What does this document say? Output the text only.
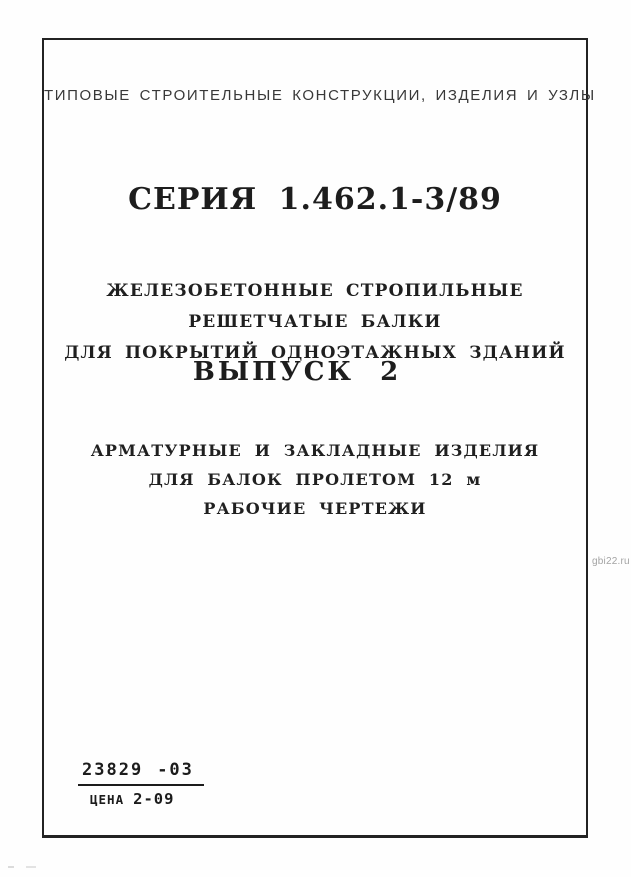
ТИПОВЫЕ СТРОИТЕЛЬНЫЕ КОНСТРУКЦИИ, ИЗДЕЛИЯ И УЗЛЫ
СЕРИЯ 1.462.1-3/89
ЖЕЛЕЗОБЕТОННЫЕ СТРОПИЛЬНЫЕ РЕШЕТЧАТЫЕ БАЛКИ
ДЛЯ ПОКРЫТИЙ ОДНОЭТАЖНЫХ ЗДАНИЙ
ВЫПУСК 2
АРМАТУРНЫЕ И ЗАКЛАДНЫЕ ИЗДЕЛИЯ
ДЛЯ БАЛОК ПРОЛЕТОМ 12 м
РАБОЧИЕ ЧЕРТЕЖИ
23829 -03
ЦЕНА 2-09
gbi22.ru
